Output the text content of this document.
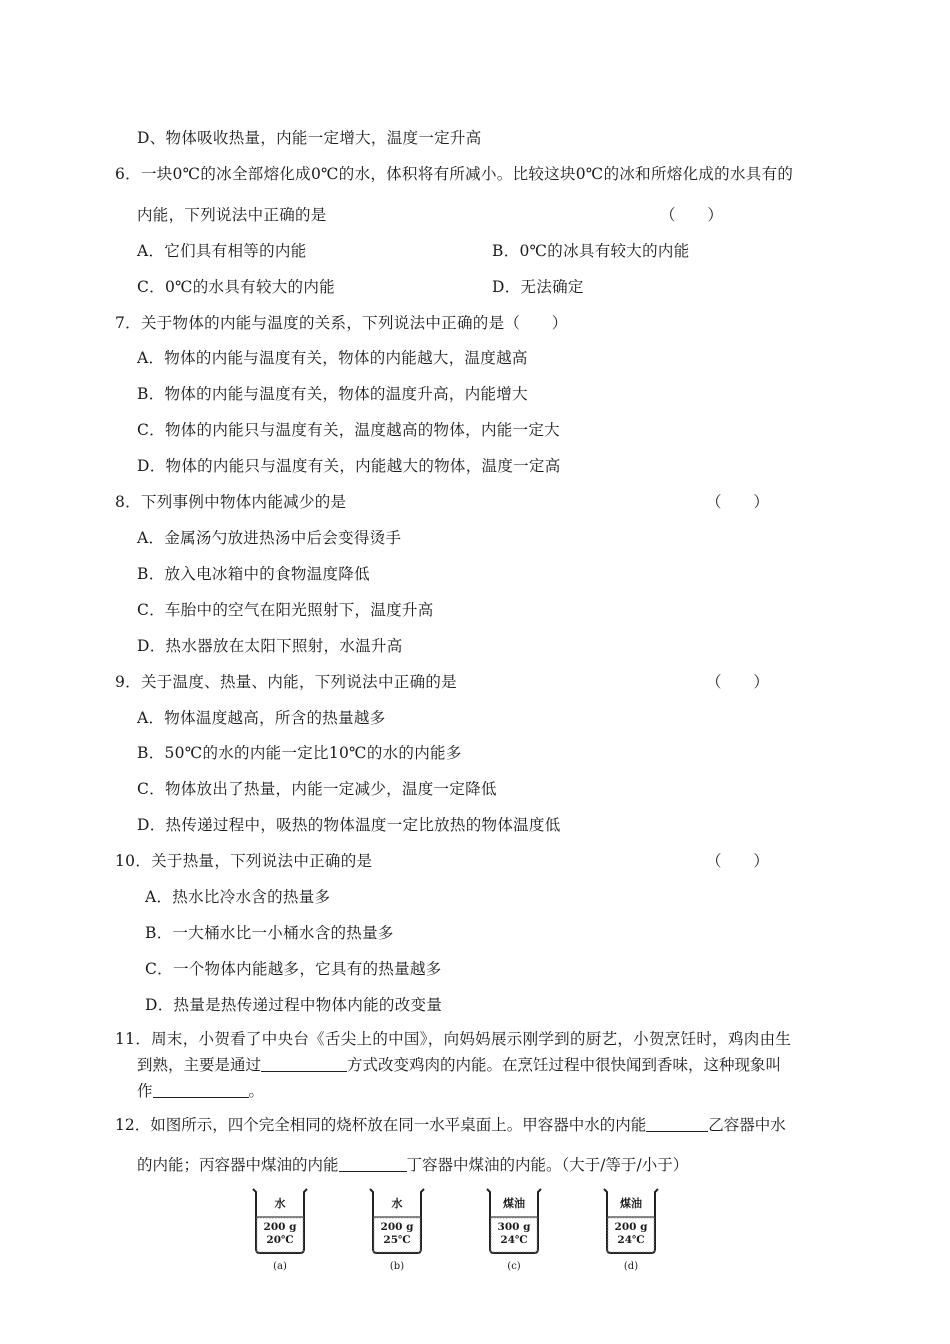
D、物体吸收热量，内能一定增大，温度一定升高
6．一块0℃的冰全部熔化成0℃的水，体积将有所减小。比较这块0℃的冰和所熔化成的水具有的
内能，下列说法中正确的是	（　　）
A．它们具有相等的内能	B．0℃的冰具有较大的内能
C．0℃的水具有较大的内能	D．无法确定
7．关于物体的内能与温度的关系，下列说法中正确的是（　　）
A．物体的内能与温度有关，物体的内能越大，温度越高
B．物体的内能与温度有关，物体的温度升高，内能增大
C．物体的内能只与温度有关，温度越高的物体，内能一定大
D．物体的内能只与温度有关，内能越大的物体，温度一定高
8．下列事例中物体内能减少的是	（　　）
A．金属汤勺放进热汤中后会变得烫手
B．放入电冰箱中的食物温度降低
C．车胎中的空气在阳光照射下，温度升高
D．热水器放在太阳下照射，水温升高
9．关于温度、热量、内能，下列说法中正确的是	（　　）
A．物体温度越高，所含的热量越多
B．50℃的水的内能一定比10℃的水的内能多
C．物体放出了热量，内能一定减少，温度一定降低
D．热传递过程中，吸热的物体温度一定比放热的物体温度低
10．关于热量，下列说法中正确的是	（　　）
A．热水比冷水含的热量多
B．一大桶水比一小桶水含的热量多
C．一个物体内能越多，它具有的热量越多
D．热量是热传递过程中物体内能的改变量
11．周末，小贺看了中央台《舌尖上的中国》，向妈妈展示刚学到的厨艺，小贺烹饪时，鸡肉由生
到熟，主要是通过	方式改变鸡肉的内能。在烹饪过程中很快闻到香味，这种现象叫
作	。
12．如图所示，四个完全相同的烧杯放在同一水平桌面上。甲容器中水的内能	乙容器中水
的内能；丙容器中煤油的内能	丁容器中煤油的内能。（大于/等于/小于）
水
200 g
20℃
(a)
水
200 g
25℃
(b)
煤油
300 g
24℃
(c)
煤油
200 g
24℃
(d)
